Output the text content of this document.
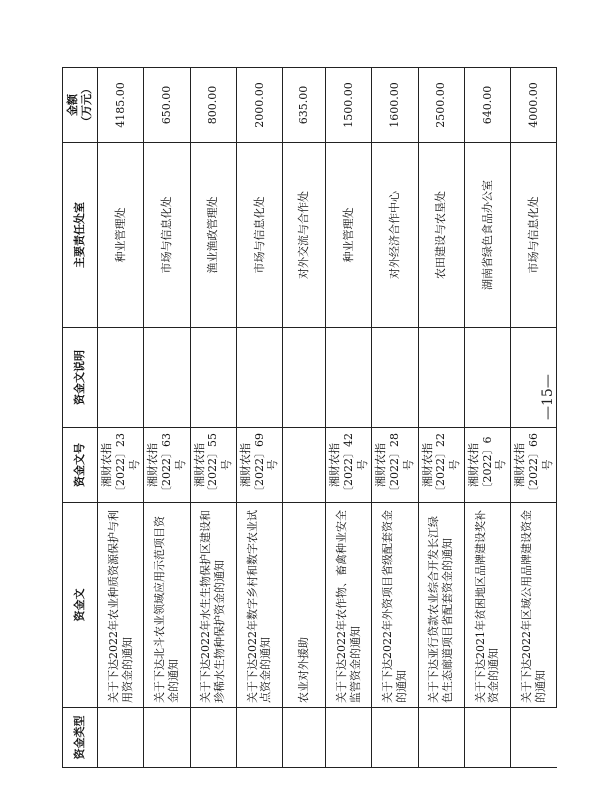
资金类型	资金文	资金文号	资金文说明	主要责任处室	金额
（万元）
	关于下达2022年农业种质资源保护与利用资金的通知	湘财农指〔2022〕23号		种业管理处	4185.00
	关于下达北斗农业领域应用示范项目资金的通知	湘财农指〔2022〕63号		市场与信息化处	650.00
	关于下达2022年水生生物保护区建设和珍稀水生物种保护资金的通知	湘财农指〔2022〕55号		渔业渔政管理处	800.00
	关于下达2022年数字乡村和数字农业试点资金的通知	湘财农指〔2022〕69号		市场与信息化处	2000.00
	农业对外援助			对外交流与合作处	635.00
	关于下达2022年农作物、畜禽种业安全监管资金的通知	湘财农指〔2022〕42号		种业管理处	1500.00
	关于下达2022年外资项目省级配套资金的通知	湘财农指〔2022〕28号		对外经济合作中心	1600.00
	关于下达亚行贷款农业综合开发长江绿色生态廊道项目省配套资金的通知	湘财农指〔2022〕22号		农田建设与农垦处	2500.00
	关于下达2021年贫困地区品牌建设奖补资金的通知	湘财农指〔2022〕6号		湖南省绿色食品办公室	640.00
	关于下达2022年区域公用品牌建设资金的通知	湘财农指〔2022〕66号		市场与信息化处	4000.00
—15—
